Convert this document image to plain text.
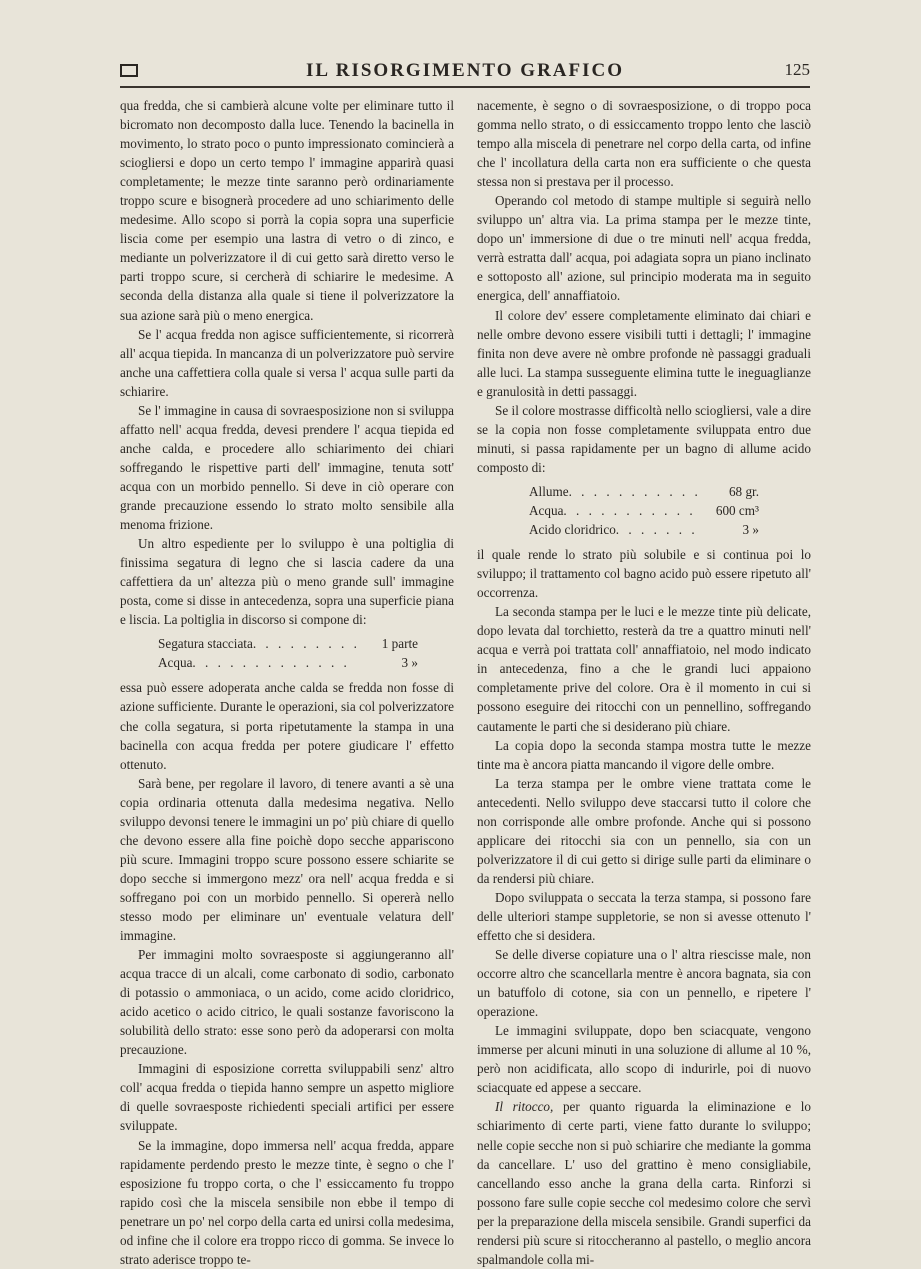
IL RISORGIMENTO GRAFICO	125

qua fredda, che si cambierà alcune volte per eliminare tutto il bicromato non decomposto dalla luce. Tenendo la bacinella in movimento, lo strato poco o punto impressionato comincierà a sciogliersi e dopo un certo tempo l' immagine apparirà quasi completamente; le mezze tinte saranno però ordinariamente troppo scure e bisognerà procedere ad uno schiarimento delle medesime. Allo scopo si porrà la copia sopra una superficie liscia come per esempio una lastra di vetro o di zinco, e mediante un polverizzatore il di cui getto sarà diretto verso le parti troppo scure, si cercherà di schiarire le medesime. A seconda della distanza alla quale si tiene il polverizzatore la sua azione sarà più o meno energica.

Se l' acqua fredda non agisce sufficientemente, si ricorrerà all' acqua tiepida. In mancanza di un polverizzatore può servire anche una caffettiera colla quale si versa l' acqua sulle parti da schiarire.

Se l' immagine in causa di sovraesposizione non si sviluppa affatto nell' acqua fredda, devesi prendere l' acqua tiepida ed anche calda, e procedere allo schiarimento dei chiari soffregando le rispettive parti dell' immagine, tenuta sott' acqua con un morbido pennello. Si deve in ciò operare con grande precauzione essendo lo strato molto sensibile alla menoma frizione.

Un altro espediente per lo sviluppo è una poltiglia di finissima segatura di legno che si lascia cadere da una caffettiera da un' altezza più o meno grande sull' immagine posta, come si disse in antecedenza, sopra una superficie piana e liscia. La poltiglia in discorso si compone di:

Segatura stacciata . . .	1 parte
Acqua . . .	3 »

essa può essere adoperata anche calda se fredda non fosse di azione sufficiente. Durante le operazioni, sia col polverizzatore che colla segatura, si porta ripetutamente la stampa in una bacinella con acqua fredda per potere giudicare l' effetto ottenuto.

Sarà bene, per regolare il lavoro, di tenere avanti a sè una copia ordinaria ottenuta dalla medesima negativa. Nello sviluppo devonsi tenere le immagini un po' più chiare di quello che devono essere alla fine poichè dopo secche appariscono più scure. Immagini troppo scure possono essere schiarite se dopo secche si immergono mezz' ora nell' acqua fredda e si soffregano poi con un morbido pennello. Si opererà nello stesso modo per eliminare un' eventuale velatura dell' immagine.

Per immagini molto sovraesposte si aggiungeranno all' acqua tracce di un alcali, come carbonato di sodio, carbonato di potassio o ammoniaca, o un acido, come acido cloridrico, acido acetico o acido citrico, le quali sostanze favoriscono la solubilità dello strato: esse sono però da adoperarsi con molta precauzione.

Immagini di esposizione corretta sviluppabili senz' altro coll' acqua fredda o tiepida hanno sempre un aspetto migliore di quelle sovraesposte richiedenti speciali artifici per essere sviluppate.

Se la immagine, dopo immersa nell' acqua fredda, appare rapidamente perdendo presto le mezze tinte, è segno o che l' esposizione fu troppo corta, o che l' essiccamento fu troppo rapido così che la miscela sensibile non ebbe il tempo di penetrare un po' nel corpo della carta ed unirsi colla medesima, od infine che il colore era troppo ricco di gomma. Se invece lo strato aderisce troppo te-

nacemente, è segno o di sovraesposizione, o di troppo poca gomma nello strato, o di essiccamento troppo lento che lasciò tempo alla miscela di penetrare nel corpo della carta, od infine che l' incollatura della carta non era sufficiente o che questa stessa non si prestava per il processo.

Operando col metodo di stampe multiple si seguirà nello sviluppo un' altra via. La prima stampa per le mezze tinte, dopo un' immersione di due o tre minuti nell' acqua fredda, verrà estratta dall' acqua, poi adagiata sopra un piano inclinato e sottoposto all' azione, sul principio moderata ma in seguito energica, dell' annaffiatoio.

Il colore dev' essere completamente eliminato dai chiari e nelle ombre devono essere visibili tutti i dettagli; l' immagine finita non deve avere nè ombre profonde nè passaggi graduali alle luci. La stampa susseguente elimina tutte le ineguaglianze e granulosità in detti passaggi.

Se il colore mostrasse difficoltà nello sciogliersi, vale a dire se la copia non fosse completamente sviluppata entro due minuti, si passa rapidamente per un bagno di allume acido composto di:

Allume . . .	68 gr.
Acqua . . .	600 cm³
Acido cloridrico . . .	3 »

il quale rende lo strato più solubile e si continua poi lo sviluppo; il trattamento col bagno acido può essere ripetuto all' occorrenza.

La seconda stampa per le luci e le mezze tinte più delicate, dopo levata dal torchietto, resterà da tre a quattro minuti nell' acqua e verrà poi trattata coll' annaffiatoio, nel modo indicato in antecedenza, fino a che le grandi luci appaiono completamente prive del colore. Ora è il momento in cui si possono eseguire dei ritocchi con un pennellino, soffregando cautamente le parti che si desiderano più chiare.

La copia dopo la seconda stampa mostra tutte le mezze tinte ma è ancora piatta mancando il vigore delle ombre.

La terza stampa per le ombre viene trattata come le antecedenti. Nello sviluppo deve staccarsi tutto il colore che non corrisponde alle ombre profonde. Anche qui si possono applicare dei ritocchi sia con un pennello, sia con un polverizzatore il di cui getto si dirige sulle parti da eliminare o da rendersi più chiare.

Dopo sviluppata o seccata la terza stampa, si possono fare delle ulteriori stampe suppletorie, se non si avesse ottenuto l' effetto che si desidera.

Se delle diverse copiature una o l' altra riescisse male, non occorre altro che scancellarla mentre è ancora bagnata, sia con un batuffolo di cotone, sia con un pennello, e ripetere l' operazione.

Le immagini sviluppate, dopo ben sciacquate, vengono immerse per alcuni minuti in una soluzione di allume al 10 %, però non acidificata, allo scopo di indurirle, poi di nuovo sciacquate ed appese a seccare.

Il ritocco, per quanto riguarda la eliminazione e lo schiarimento di certe parti, viene fatto durante lo sviluppo; nelle copie secche non si può schiarire che mediante la gomma da cancellare. L' uso del grattino è meno consigliabile, cancellando esso anche la grana della carta. Rinforzi si possono fare sulle copie secche col medesimo colore che servì per la preparazione della miscela sensibile. Grandi superfici da rendersi più scure si ritoccheranno al pastello, o meglio ancora spalmandole colla mi-
